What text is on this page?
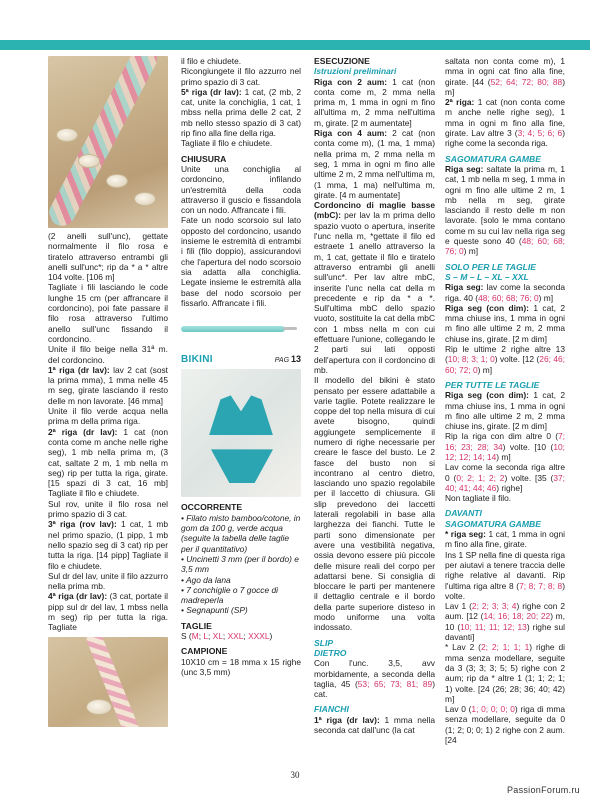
(2 anelli sull'unc), gettate normalmente il filo rosa e tiratelo attraverso entrambi gli anelli sull'unc*; rip da * a * altre 104 volte. [106 m]

Tagliate i fili lasciando le code lunghe 15 cm (per affrancare il cordoncino), poi fate passare il filo rosa attraverso l'ultimo anello sull'unc fissando il cordoncino.

Unite il filo beige nella 31ª m. del cordoncino.

1ª riga (dr lav): lav 2 cat (sost la prima mma), 1 mma nelle 45 m seg, girate lasciando il resto delle m non lavorate. [46 mma]

Unite il filo verde acqua nella prima m della prima riga.

2ª riga (dr lav): 1 cat (non conta come m anche nelle righe seg), 1 mb nella prima m, (3 cat, saltate 2 m, 1 mb nella m seg) rip per tutta la riga, girate. [15 spazi di 3 cat, 16 mb] Tagliate il filo e chiudete.

Sul rov, unite il filo rosa nel primo spazio di 3 cat.

3ª riga (rov lav): 1 cat, 1 mb nel primo spazio, (1 pipp, 1 mb nello spazio seg di 3 cat) rip per tutta la riga. [14 pipp] Tagliate il filo e chiudete.

Sul dr del lav, unite il filo azzurro nella prima mb.

4ª riga (dr lav): (3 cat, portate il pipp sul dr del lav, 1 mbss nella m seg) rip per tutta la riga. Tagliate

il filo e chiudete.

Ricongiungete il filo azzurro nel primo spazio di 3 cat.

5ª riga (dr lav): 1 cat, (2 mb, 2 cat, unite la conchiglia, 1 cat, 1 mbss nella prima delle 2 cat, 2 mb nello stesso spazio di 3 cat) rip fino alla fine della riga.

Tagliate il filo e chiudete.

CHIUSURA

Unite una conchiglia al cordoncino, infilando un'estremità della coda attraverso il guscio e fissandola con un nodo. Affrancate i fili.

Fate un nodo scorsoio sul lato opposto del cordoncino, usando insieme le estremità di entrambi i fili (filo doppio), assicurandovi che l'apertura del nodo scorsoio sia adatta alla conchiglia. Legate insieme le estremità alla base del nodo scorsoio per fissarlo. Affrancate i fili.

BIKINI	PAG 13
OCCORRENTE
• Filato misto bamboo/cotone, in gom da 100 g, verde acqua (seguite la tabella delle taglie per il quantitativo)
• Uncinetti 3 mm (per il bordo) e 3,5 mm
• Ago da lana
• 7 conchiglie o 7 gocce di madreperla
• Segnapunti (SP)
TAGLIE

S (M; L; XL; XXL; XXXL)

CAMPIONE

10X10 cm = 18 mma x 15 righe (unc 3,5 mm)

ESECUZIONE
Istruzioni preliminari

Riga con 2 aum: 1 cat (non conta come m, 2 mma nella prima m, 1 mma in ogni m fino all'ultima m, 2 mma nell'ultima m, girate. [2 m aumentate]

Riga con 4 aum: 2 cat (non conta come m), (1 ma, 1 mma) nella prima m, 2 mma nella m seg, 1 mma in ogni m fino alle ultime 2 m, 2 mma nell'ultima m, (1 mma, 1 ma) nell'ultima m, girate. [4 m aumentate]

Cordoncino di maglie basse (mbC): per lav la m prima dello spazio vuoto o apertura, inserite l'unc nella m, *gettate il filo ed estraete 1 anello attraverso la m, 1 cat, gettate il filo e tiratelo attraverso entrambi gli anelli sull'unc*. Per lav altre mbC, inserite l'unc nella cat della m precedente e rip da * a *. Sull'ultima mbC dello spazio vuoto, sostituite la cat della mbC con 1 mbss nella m con cui effettuare l'unione, collegando le 2 parti sui lati opposti dell'apertura con il cordoncino di mb.

Il modello del bikini è stato pensato per essere adattabile a varie taglie. Potete realizzare le coppe del top nella misura di cui avete bisogno, quindi aggiungete semplicemente il numero di righe necessarie per creare le fasce del busto. Le 2 fasce del busto non si incontrano al centro dietro, lasciando uno spazio regolabile per il laccetto di chiusura. Gli slip prevedono dei laccetti laterali regolabili in base alla larghezza dei fianchi. Tutte le parti sono dimensionate per avere una vestibilità negativa, ossia devono essere più piccole delle misure reali del corpo per adattarsi bene. Si consiglia di bloccare le parti per mantenere il dettaglio centrale e il bordo della parte superiore disteso in modo uniforme una volta indossato.

SLIP
DIETRO

Con l'unc. 3,5, avv morbidamente, a seconda della taglia, 45 (53; 65; 73; 81; 89) cat.

FIANCHI

1ª riga (dr lav): 1 mma nella seconda cat dall'unc (la cat

saltata non conta come m), 1 mma in ogni cat fino alla fine, girate. [44 (52; 64; 72; 80; 88) m]

2ª riga: 1 cat (non conta come m anche nelle righe seg), 1 mma in ogni m fino alla fine, girate. Lav altre 3 (3; 4; 5; 6; 6) righe come la seconda riga.

SAGOMATURA GAMBE

Riga seg: saltate la prima m, 1 cat, 1 mb nella m seg, 1 mma in ogni m fino alle ultime 2 m, 1 mb nella m seg, girate lasciando il resto delle m non lavorate. [solo le mma contano come m su cui lav nella riga seg e queste sono 40 (48; 60; 68; 76; 0) m]

SOLO PER LE TAGLIE
S – M – L – XL – XXL

Riga seg: lav come la seconda riga. 40 (48; 60; 68; 76; 0) m]

Riga seg (con dim): 1 cat, 2 mma chiuse ins, 1 mma in ogni m fino alle ultime 2 m, 2 mma chiuse ins, girate. [2 m dim]

Rip le ultime 2 righe altre 13 (10; 8; 3; 1; 0) volte. [12 (26; 46; 60; 72; 0) m]

PER TUTTE LE TAGLIE

Riga seg (con dim): 1 cat, 2 mma chiuse ins, 1 mma in ogni m fino alle ultime 2 m, 2 mma chiuse ins, girate. [2 m dim]

Rip la riga con dim altre 0 (7; 16; 23; 28; 34) volte. [10 (10; 12; 12; 14; 14) m]

Lav come la seconda riga altre 0 (0; 2; 1; 2; 2) volte. [35 (37; 40; 41; 44; 46) righe]

Non tagliate il filo.

DAVANTI
SAGOMATURA GAMBE

* riga seg: 1 cat, 1 mma in ogni m fino alla fine, girate.

Ins 1 SP nella fine di questa riga per aiutavi a tenere traccia delle righe relative al davanti. Rip l'ultima riga altre 8 (7; 8; 7; 8; 8) volte.

Lav 1 (2; 2; 3; 3; 4) righe con 2 aum. [12 (14; 16; 18; 20; 22) m, 10 (10; 11; 11; 12; 13) righe sul davanti]

* Lav 2 (2; 2; 1; 1; 1) righe di mma senza modellare, seguite da 3 (3; 3; 3; 5; 5) righe con 2 aum; rip da * altre 1 (1; 1; 2; 1; 1) volte. [24 (26; 28; 36; 40; 42) m]

Lav 0 (1; 0; 0; 0; 0) riga di mma senza modellare, seguite da 0 (1; 2; 0; 0; 1) 2 righe con 2 aum. [24

30
PassionForum.ru
